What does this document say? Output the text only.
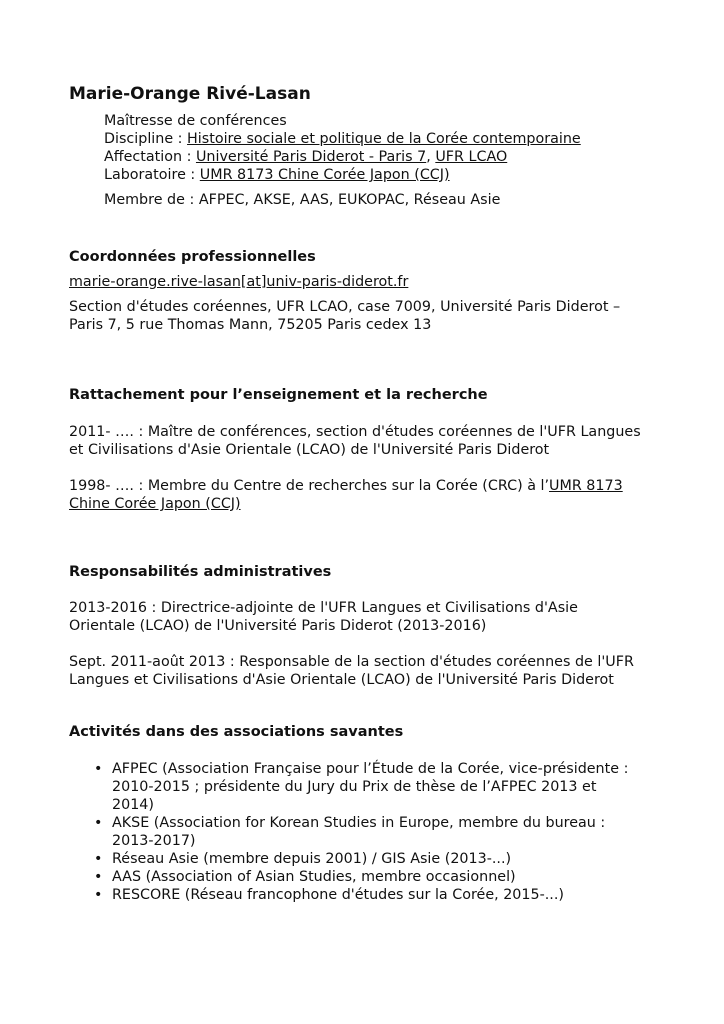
Marie-Orange Rivé-Lasan
Maîtresse de conférences
Discipline : Histoire sociale et politique de la Corée contemporaine
Affectation : Université Paris Diderot - Paris 7, UFR LCAO
Laboratoire : UMR 8173 Chine Corée Japon (CCJ)
Membre de : AFPEC, AKSE, AAS, EUKOPAC, Réseau Asie
Coordonnées professionnelles
marie-orange.rive-lasan[at]univ-paris-diderot.fr
Section d'études coréennes, UFR LCAO, case 7009, Université Paris Diderot –
Paris 7, 5 rue Thomas Mann, 75205 Paris cedex 13
Rattachement pour l’enseignement et la recherche
2011- …. : Maître de conférences, section d'études coréennes de l'UFR Langues
et Civilisations d'Asie Orientale (LCAO) de l'Université Paris Diderot
1998- …. : Membre du Centre de recherches sur la Corée (CRC) à l’UMR 8173
Chine Corée Japon (CCJ)
Responsabilités administratives
2013-2016 : Directrice-adjointe de l'UFR Langues et Civilisations d'Asie
Orientale (LCAO) de l'Université Paris Diderot (2013-2016)
Sept. 2011-août 2013 : Responsable de la section d'études coréennes de l'UFR
Langues et Civilisations d'Asie Orientale (LCAO) de l'Université Paris Diderot
Activités dans des associations savantes
• AFPEC (Association Française pour l’Étude de la Corée, vice-présidente :
2010-2015 ; présidente du Jury du Prix de thèse de l’AFPEC 2013 et
2014)
• AKSE (Association for Korean Studies in Europe, membre du bureau :
2013-2017)
• Réseau Asie (membre depuis 2001) / GIS Asie (2013-...)
• AAS (Association of Asian Studies, membre occasionnel)
• RESCORE (Réseau francophone d'études sur la Corée, 2015-...)
